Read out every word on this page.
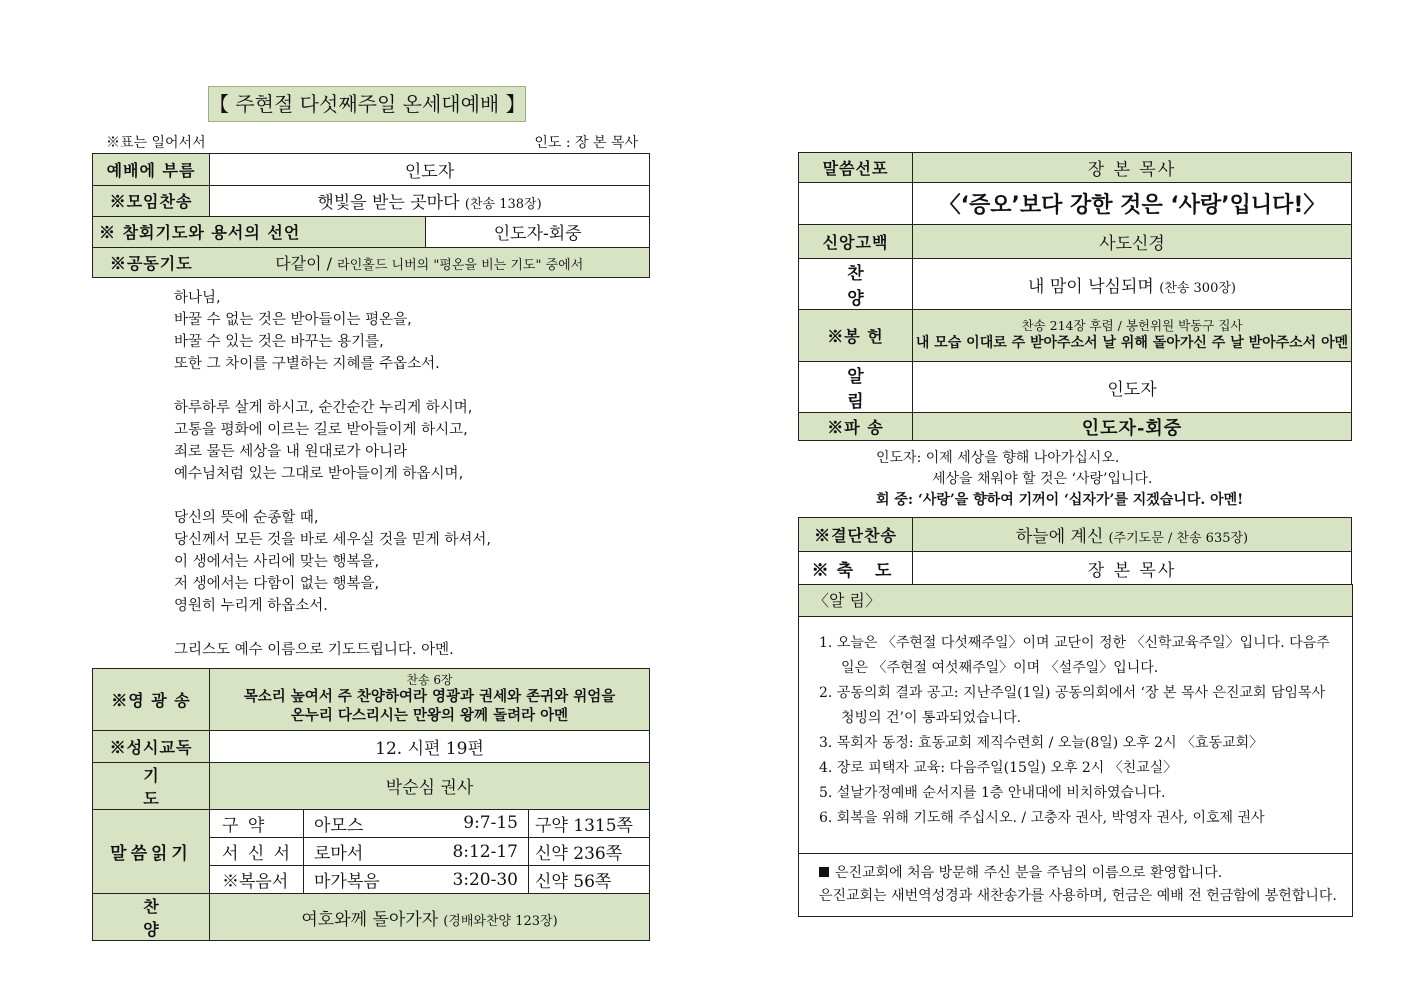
【 주현절 다섯째주일 온세대예배 】
※표는 일어서서	인도 : 장 본 목사
예배에 부름	인도자	
※모임찬송	햇빛을 받는 곳마다 (찬송 138장)	
※ 참회기도와 용서의 선언		인도자-회중
※공동기도	다같이 / 라인홀드 니버의 "평온을 비는 기도" 중에서	
하나님,
바꿀 수 없는 것은 받아들이는 평온을,
바꿀 수 있는 것은 바꾸는 용기를,
또한 그 차이를 구별하는 지혜를 주옵소서.
하루하루 살게 하시고, 순간순간 누리게 하시며,
고통을 평화에 이르는 길로 받아들이게 하시고,
죄로 물든 세상을 내 원대로가 아니라
예수님처럼 있는 그대로 받아들이게 하옵시며,
당신의 뜻에 순종할 때,
당신께서 모든 것을 바로 세우실 것을 믿게 하셔서,
이 생에서는 사리에 맞는 행복을,
저 생에서는 다함이 없는 행복을,
영원히 누리게 하옵소서.
그리스도 예수 이름으로 기도드립니다. 아멘.
※영 광 송	찬송 6장
목소리 높여서 주 찬양하여라 영광과 권세와 존귀와 위엄을
온누리 다스리시는 만왕의 왕께 돌려라 아멘

※성시교독	12. 시편 19편
기 도	박순심 권사
말씀읽기	구 약	아모스	9:7-15	구약 1315쪽
	서 신 서	로마서	8:12-17	신약 236쪽
	※복음서	마가복음	3:20-30	신약 56쪽
찬 양	여호와께 돌아가자 (경배와찬양 123장)
말씀선포	장 본 목사
	〈‘증오’보다 강한 것은 ‘사랑’입니다!〉
신앙고백	사도신경
찬 양	내 맘이 낙심되며 (찬송 300장)
※봉 헌	찬송 214장 후렴 / 봉헌위원 박동구 집사
내 모습 이대로 주 받아주소서 날 위해 돌아가신 주 날 받아주소서 아멘

알 림	인도자
※파 송	인도자-회중
인도자: 이제 세상을 향해 나아가십시오.
세상을 채워야 할 것은 ‘사랑’입니다.
회 중: ‘사랑’을 향하여 기꺼이 ‘십자가’를 지겠습니다. 아멘!
※결단찬송	하늘에 계신 (주기도문 / 찬송 635장)
※축 도	장 본 목사
〈알 림〉
1. 오늘은 〈주현절 다섯째주일〉이며 교단이 정한 〈신학교육주일〉입니다. 다음주일은 〈주현절 여섯째주일〉이며 〈설주일〉입니다.
2. 공동의회 결과 공고: 지난주일(1일) 공동의회에서 ‘장 본 목사 은진교회 담임목사 청빙의 건’이 통과되었습니다.
3. 목회자 동정: 효동교회 제직수련회 / 오늘(8일) 오후 2시 〈효동교회〉
4. 장로 피택자 교육: 다음주일(15일) 오후 2시 〈친교실〉
5. 설날가정예배 순서지를 1층 안내대에 비치하였습니다.
6. 회복을 위해 기도해 주십시오. / 고충자 권사, 박영자 권사, 이호제 권사
은진교회에 처음 방문해 주신 분을 주님의 이름으로 환영합니다.
은진교회는 새번역성경과 새찬송가를 사용하며, 헌금은 예배 전 헌금함에 봉헌합니다.
